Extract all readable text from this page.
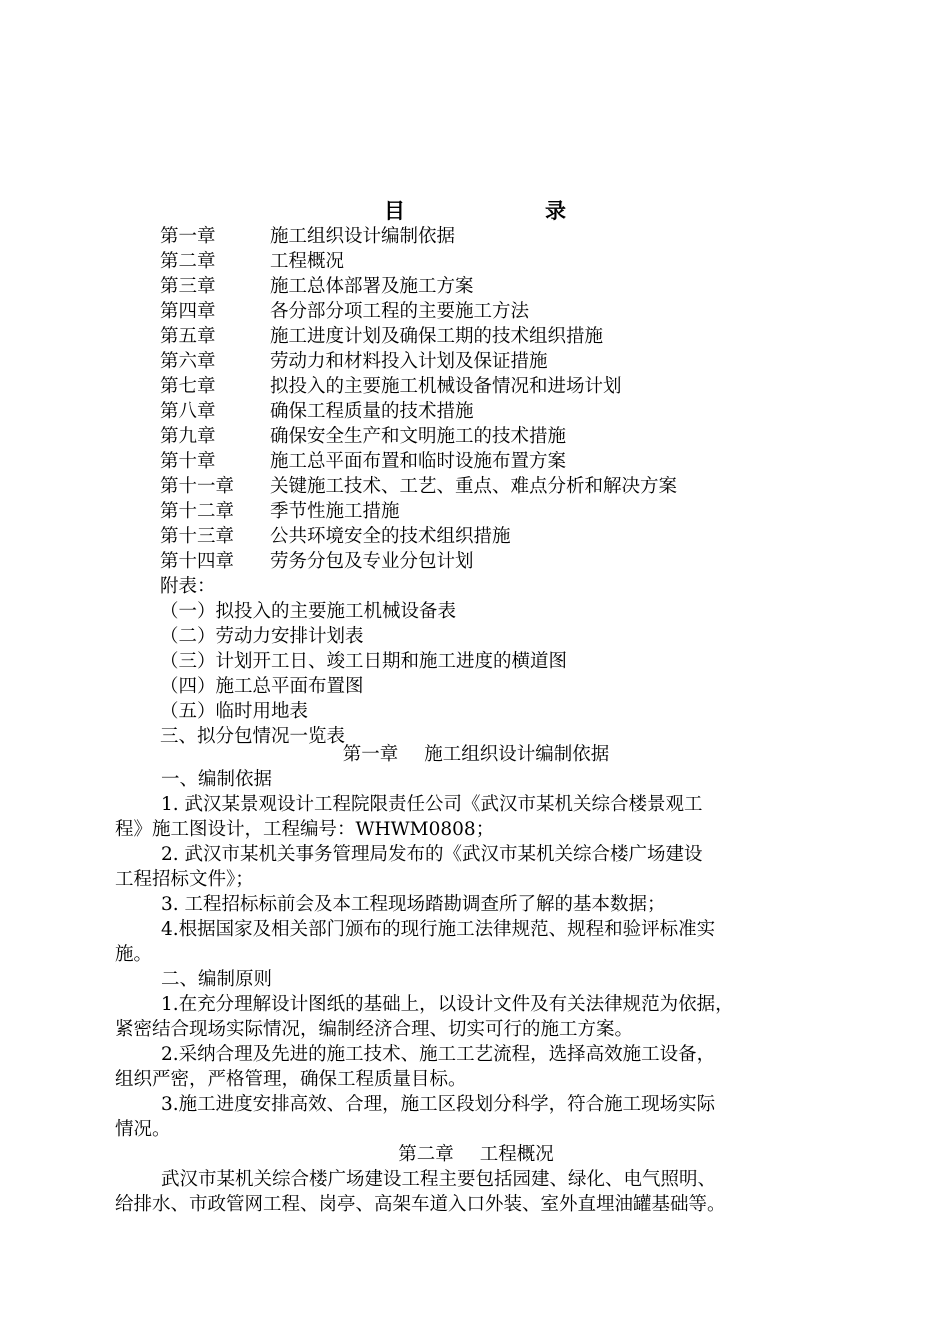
目	录
第一章	施工组织设计编制依据
第二章	工程概况
第三章	施工总体部署及施工方案
第四章	各分部分项工程的主要施工方法
第五章	施工进度计划及确保工期的技术组织措施
第六章	劳动力和材料投入计划及保证措施
第七章	拟投入的主要施工机械设备情况和进场计划
第八章	确保工程质量的技术措施
第九章	确保安全生产和文明施工的技术措施
第十章	施工总平面布置和临时设施布置方案
第十一章 关键施工技术、工艺、重点、难点分析和解决方案
第十二章 季节性施工措施
第十三章 公共环境安全的技术组织措施
第十四章 劳务分包及专业分包计划
附表：
（一）拟投入的主要施工机械设备表
（二）劳动力安排计划表
（三）计划开工日、竣工日期和施工进度的横道图
（四）施工总平面布置图
（五）临时用地表
三、拟分包情况一览表
第一章 施工组织设计编制依据
一、编制依据
1. 武汉某景观设计工程院限责任公司《武汉市某机关综合楼景观工
程》施工图设计，工程编号：WHWM0808；
2. 武汉市某机关事务管理局发布的《武汉市某机关综合楼广场建设
工程招标文件》；
3. 工程招标标前会及本工程现场踏勘调查所了解的基本数据；
4.根据国家及相关部门颁布的现行施工法律规范、规程和验评标准实
施。
二、编制原则
1.在充分理解设计图纸的基础上，以设计文件及有关法律规范为依据，
紧密结合现场实际情况，编制经济合理、切实可行的施工方案。
2.采纳合理及先进的施工技术、施工工艺流程，选择高效施工设备，
组织严密，严格管理，确保工程质量目标。
3.施工进度安排高效、合理，施工区段划分科学，符合施工现场实际
情况。
第二章 工程概况
武汉市某机关综合楼广场建设工程主要包括园建、绿化、电气照明、
给排水、市政管网工程、岗亭、高架车道入口外装、室外直埋油罐基础等。
